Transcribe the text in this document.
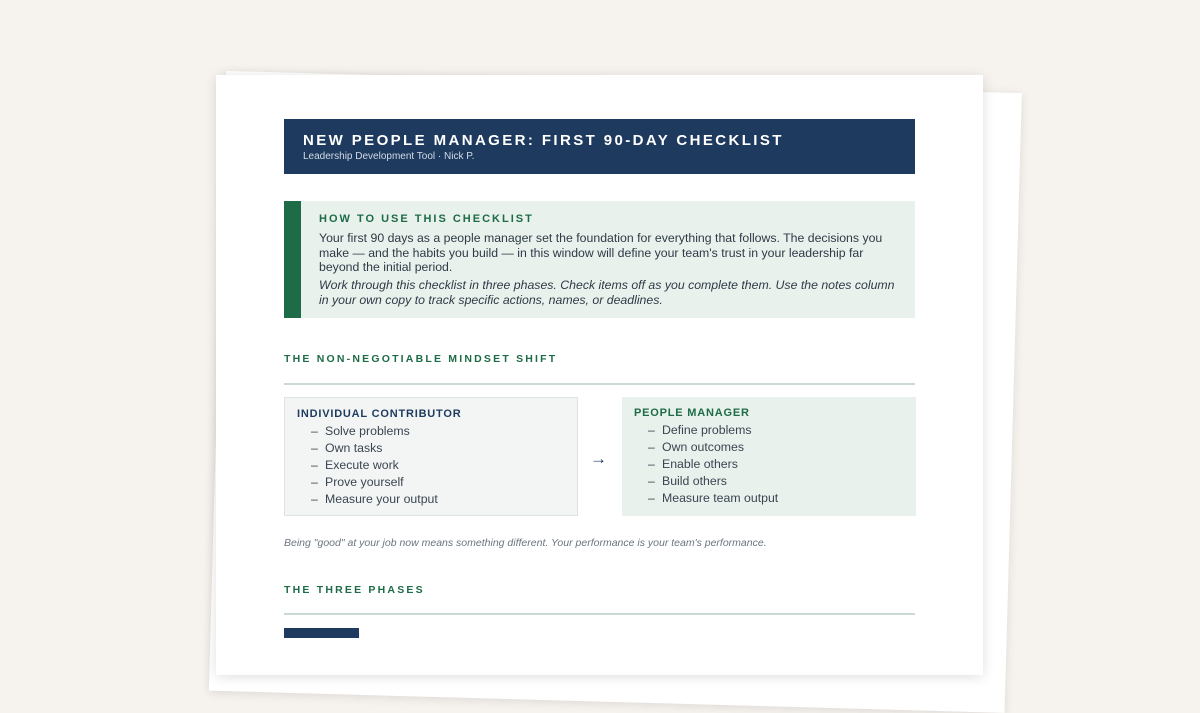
NEW PEOPLE MANAGER: FIRST 90-DAY CHECKLIST
Leadership Development Tool · Nick P.
HOW TO USE THIS CHECKLIST

Your first 90 days as a people manager set the foundation for everything that follows. The decisions you make — and the habits you build — in this window will define your team's trust in your leadership far beyond the initial period.

Work through this checklist in three phases. Check items off as you complete them. Use the notes column in your own copy to track specific actions, names, or deadlines.

THE NON-NEGOTIABLE MINDSET SHIFT
INDIVIDUAL CONTRIBUTOR
– Solve problems
– Own tasks
– Execute work
– Prove yourself
– Measure your output
→
PEOPLE MANAGER
– Define problems
– Own outcomes
– Enable others
– Build others
– Measure team output
Being "good" at your job now means something different. Your performance is your team's performance.
THE THREE PHASES
